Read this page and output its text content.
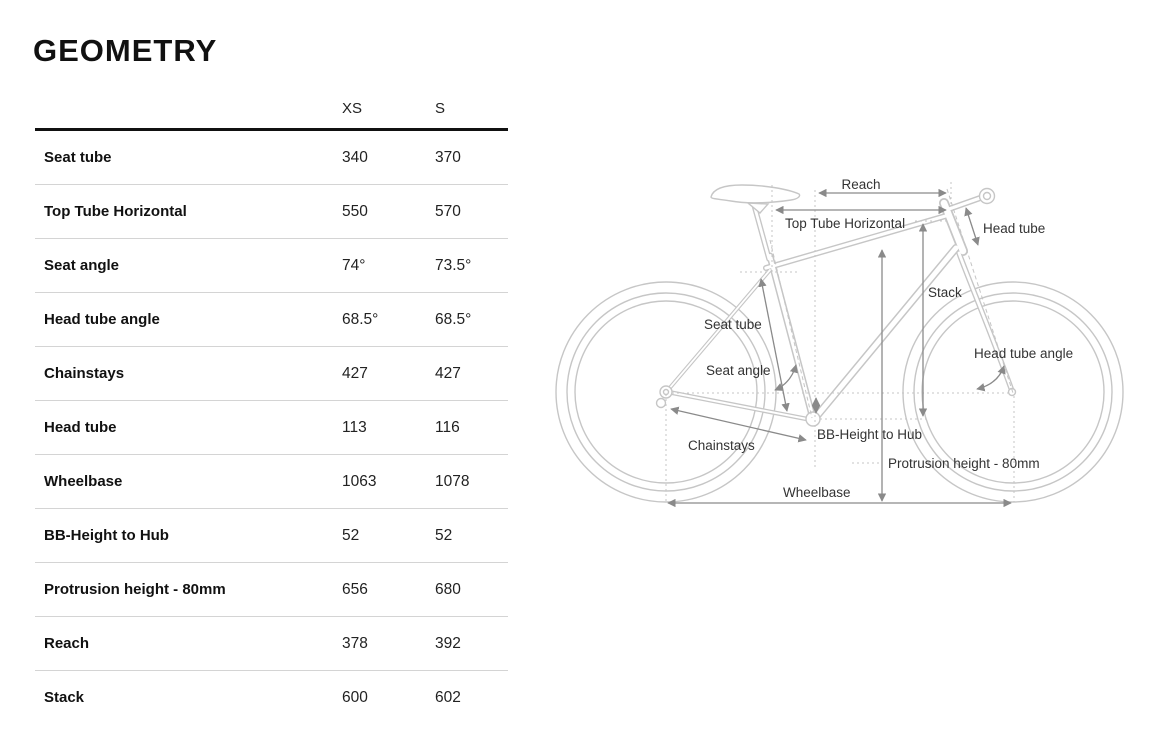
GEOMETRY
XS	S
Seat tube	340	370
Top Tube Horizontal	550	570
Seat angle	74°	73.5°
Head tube angle	68.5°	68.5°
Chainstays	427	427
Head tube	113	116
Wheelbase	1063	1078
BB-Height to Hub	52	52
Protrusion height - 80mm	656	680
Reach	378	392
Stack	600	602
Reach
Top Tube Horizontal	Head tube
Stack
Seat tube
Seat angle
Head tube angle
Chainstays
BB-Height to Hub
Protrusion height - 80mm
Wheelbase
